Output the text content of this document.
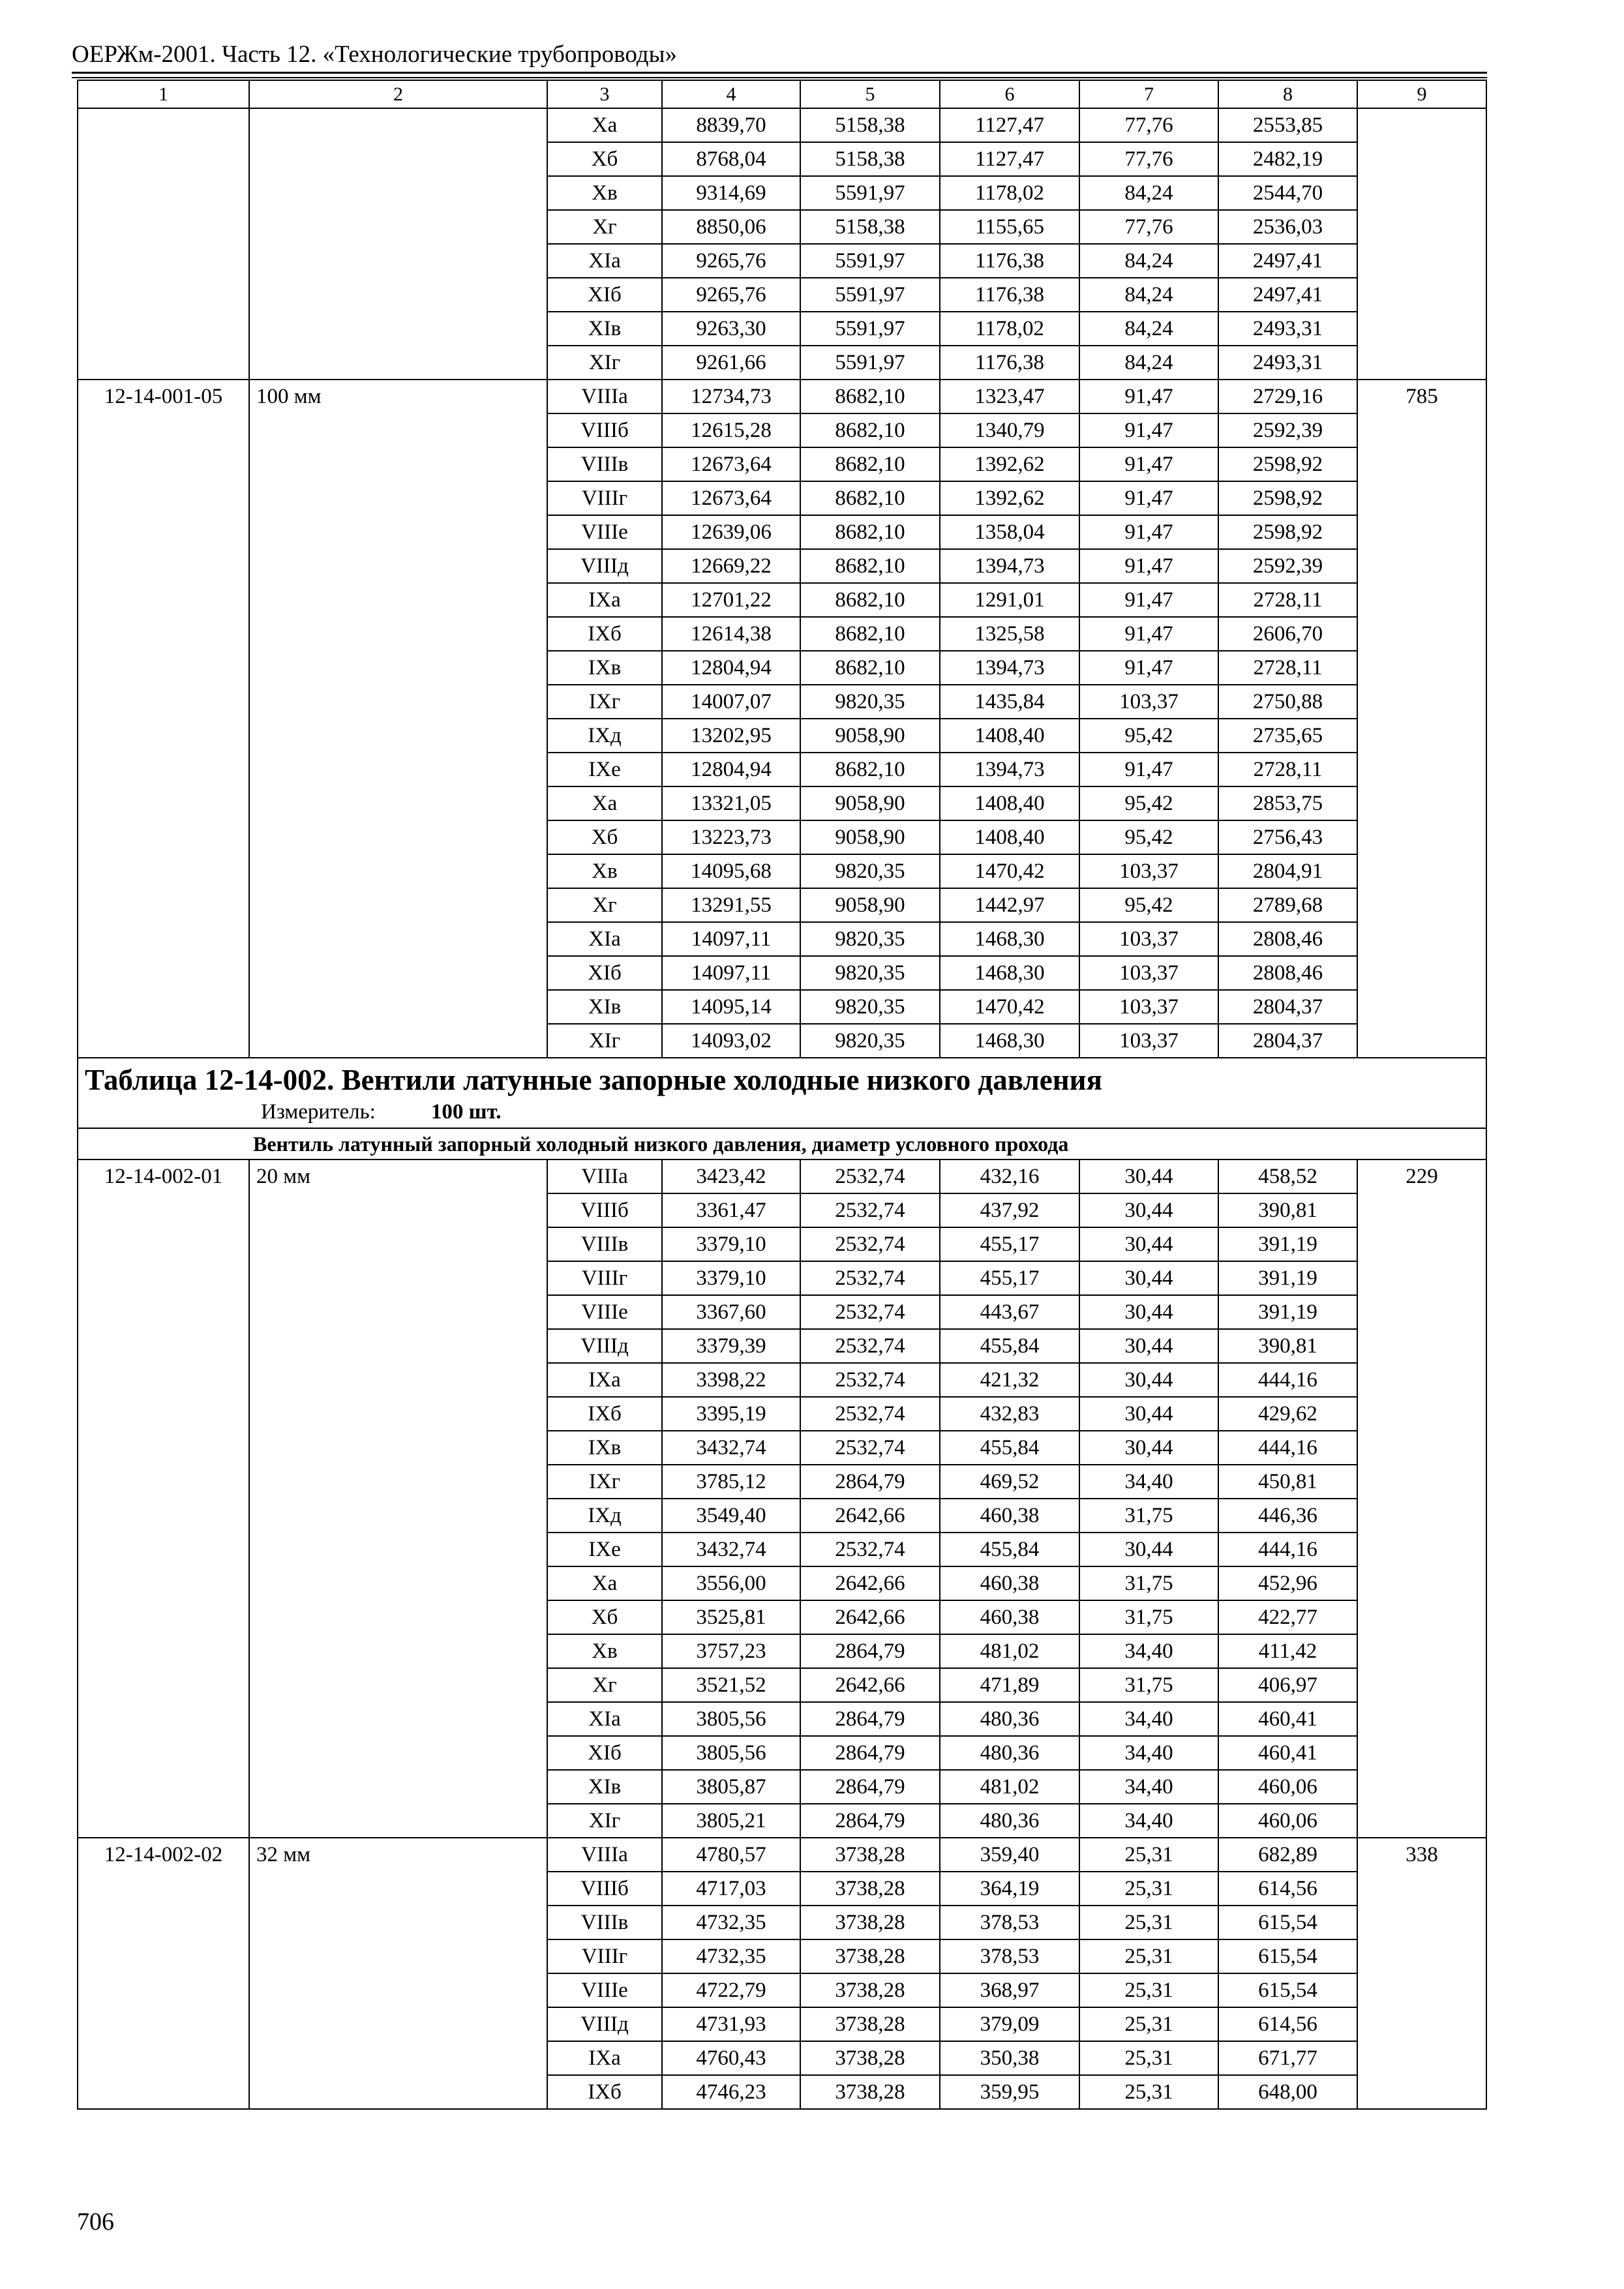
ОЕРЖм-2001. Часть 12. «Технологические трубопроводы»
1	2	3	4	5	6	7	8	9
		Ха	8839,70	5158,38	1127,47	77,76	2553,85	
		Хб	8768,04	5158,38	1127,47	77,76	2482,19	
		Хв	9314,69	5591,97	1178,02	84,24	2544,70	
		Хг	8850,06	5158,38	1155,65	77,76	2536,03	
		ХIа	9265,76	5591,97	1176,38	84,24	2497,41	
		ХIб	9265,76	5591,97	1176,38	84,24	2497,41	
		ХIв	9263,30	5591,97	1178,02	84,24	2493,31	
		ХIг	9261,66	5591,97	1176,38	84,24	2493,31	
12-14-001-05	100 мм	VIIIа	12734,73	8682,10	1323,47	91,47	2729,16	785
		VIIIб	12615,28	8682,10	1340,79	91,47	2592,39	
		VIIIв	12673,64	8682,10	1392,62	91,47	2598,92	
		VIIIг	12673,64	8682,10	1392,62	91,47	2598,92	
		VIIIе	12639,06	8682,10	1358,04	91,47	2598,92	
		VIIIд	12669,22	8682,10	1394,73	91,47	2592,39	
		IХа	12701,22	8682,10	1291,01	91,47	2728,11	
		IХб	12614,38	8682,10	1325,58	91,47	2606,70	
		IХв	12804,94	8682,10	1394,73	91,47	2728,11	
		IХг	14007,07	9820,35	1435,84	103,37	2750,88	
		IХд	13202,95	9058,90	1408,40	95,42	2735,65	
		IХе	12804,94	8682,10	1394,73	91,47	2728,11	
		Ха	13321,05	9058,90	1408,40	95,42	2853,75	
		Хб	13223,73	9058,90	1408,40	95,42	2756,43	
		Хв	14095,68	9820,35	1470,42	103,37	2804,91	
		Хг	13291,55	9058,90	1442,97	95,42	2789,68	
		ХIа	14097,11	9820,35	1468,30	103,37	2808,46	
		ХIб	14097,11	9820,35	1468,30	103,37	2808,46	
		ХIв	14095,14	9820,35	1470,42	103,37	2804,37	
		ХIг	14093,02	9820,35	1468,30	103,37	2804,37	

Таблица 12-14-002. Вентили латунные запорные холодные низкого давления
Измеритель: 100 шт.								

Вентиль латунный запорный холодный низкого давления, диаметр условного прохода								
12-14-002-01	20 мм	VIIIа	3423,42	2532,74	432,16	30,44	458,52	229
		VIIIб	3361,47	2532,74	437,92	30,44	390,81	
		VIIIв	3379,10	2532,74	455,17	30,44	391,19	
		VIIIг	3379,10	2532,74	455,17	30,44	391,19	
		VIIIе	3367,60	2532,74	443,67	30,44	391,19	
		VIIIд	3379,39	2532,74	455,84	30,44	390,81	
		IХа	3398,22	2532,74	421,32	30,44	444,16	
		IХб	3395,19	2532,74	432,83	30,44	429,62	
		IХв	3432,74	2532,74	455,84	30,44	444,16	
		IХг	3785,12	2864,79	469,52	34,40	450,81	
		IХд	3549,40	2642,66	460,38	31,75	446,36	
		IХе	3432,74	2532,74	455,84	30,44	444,16	
		Ха	3556,00	2642,66	460,38	31,75	452,96	
		Хб	3525,81	2642,66	460,38	31,75	422,77	
		Хв	3757,23	2864,79	481,02	34,40	411,42	
		Хг	3521,52	2642,66	471,89	31,75	406,97	
		ХIа	3805,56	2864,79	480,36	34,40	460,41	
		ХIб	3805,56	2864,79	480,36	34,40	460,41	
		ХIв	3805,87	2864,79	481,02	34,40	460,06	
		ХIг	3805,21	2864,79	480,36	34,40	460,06	
12-14-002-02	32 мм	VIIIа	4780,57	3738,28	359,40	25,31	682,89	338
		VIIIб	4717,03	3738,28	364,19	25,31	614,56	
		VIIIв	4732,35	3738,28	378,53	25,31	615,54	
		VIIIг	4732,35	3738,28	378,53	25,31	615,54	
		VIIIе	4722,79	3738,28	368,97	25,31	615,54	
		VIIIд	4731,93	3738,28	379,09	25,31	614,56	
		IХа	4760,43	3738,28	350,38	25,31	671,77	
		IХб	4746,23	3738,28	359,95	25,31	648,00	
706
